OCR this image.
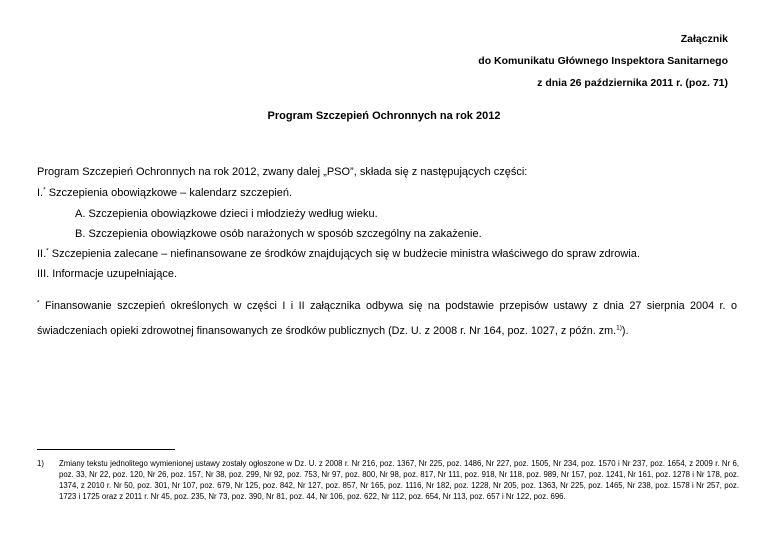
Załącznik
do Komunikatu Głównego Inspektora Sanitarnego
z dnia 26 października 2011 r. (poz. 71)
Program Szczepień Ochronnych na rok 2012
Program Szczepień Ochronnych na rok 2012, zwany dalej „PSO”, składa się z następujących części:
I.* Szczepienia obowiązkowe – kalendarz szczepień.
A. Szczepienia obowiązkowe dzieci i młodzieży według wieku.
B. Szczepienia obowiązkowe osób narażonych w sposób szczególny na zakażenie.
II.* Szczepienia zalecane – niefinansowane ze środków znajdujących się w budżecie ministra właściwego do spraw zdrowia.
III. Informacje uzupełniające.
* Finansowanie szczepień określonych w części I i II załącznika odbywa się na podstawie przepisów ustawy z dnia 27 sierpnia 2004 r. o
świadczeniach opieki zdrowotnej finansowanych ze środków publicznych (Dz. U. z 2008 r. Nr 164, poz. 1027, z późn. zm.$^{1)}$).
1) Zmiany tekstu jednolitego wymienionej ustawy zostały ogłoszone w Dz. U. z 2008 r. Nr 216, poz. 1367, Nr 225, poz. 1486, Nr 227, poz. 1505, Nr 234, poz. 1570 i Nr 237, poz. 1654, z 2009 r. Nr 6, poz. 33, Nr 22, poz. 120, Nr 26, poz. 157, Nr 38, poz. 299, Nr 92, poz. 753, Nr 97, poz. 800, Nr 98, poz. 817, Nr 111, poz. 918, Nr 118, poz. 989, Nr 157, poz. 1241, Nr 161, poz. 1278 i Nr 178, poz. 1374, z 2010 r. Nr 50, poz. 301, Nr 107, poz. 679, Nr 125, poz. 842, Nr 127, poz. 857, Nr 165, poz. 1116, Nr 182, poz. 1228, Nr 205, poz. 1363, Nr 225, poz. 1465, Nr 238, poz. 1578 i Nr 257, poz. 1723 i 1725 oraz z 2011 r. Nr 45, poz. 235, Nr 73, poz. 390, Nr 81, poz. 44, Nr 106, poz. 622, Nr 112, poz. 654, Nr 113, poz. 657 i Nr 122, poz. 696.
